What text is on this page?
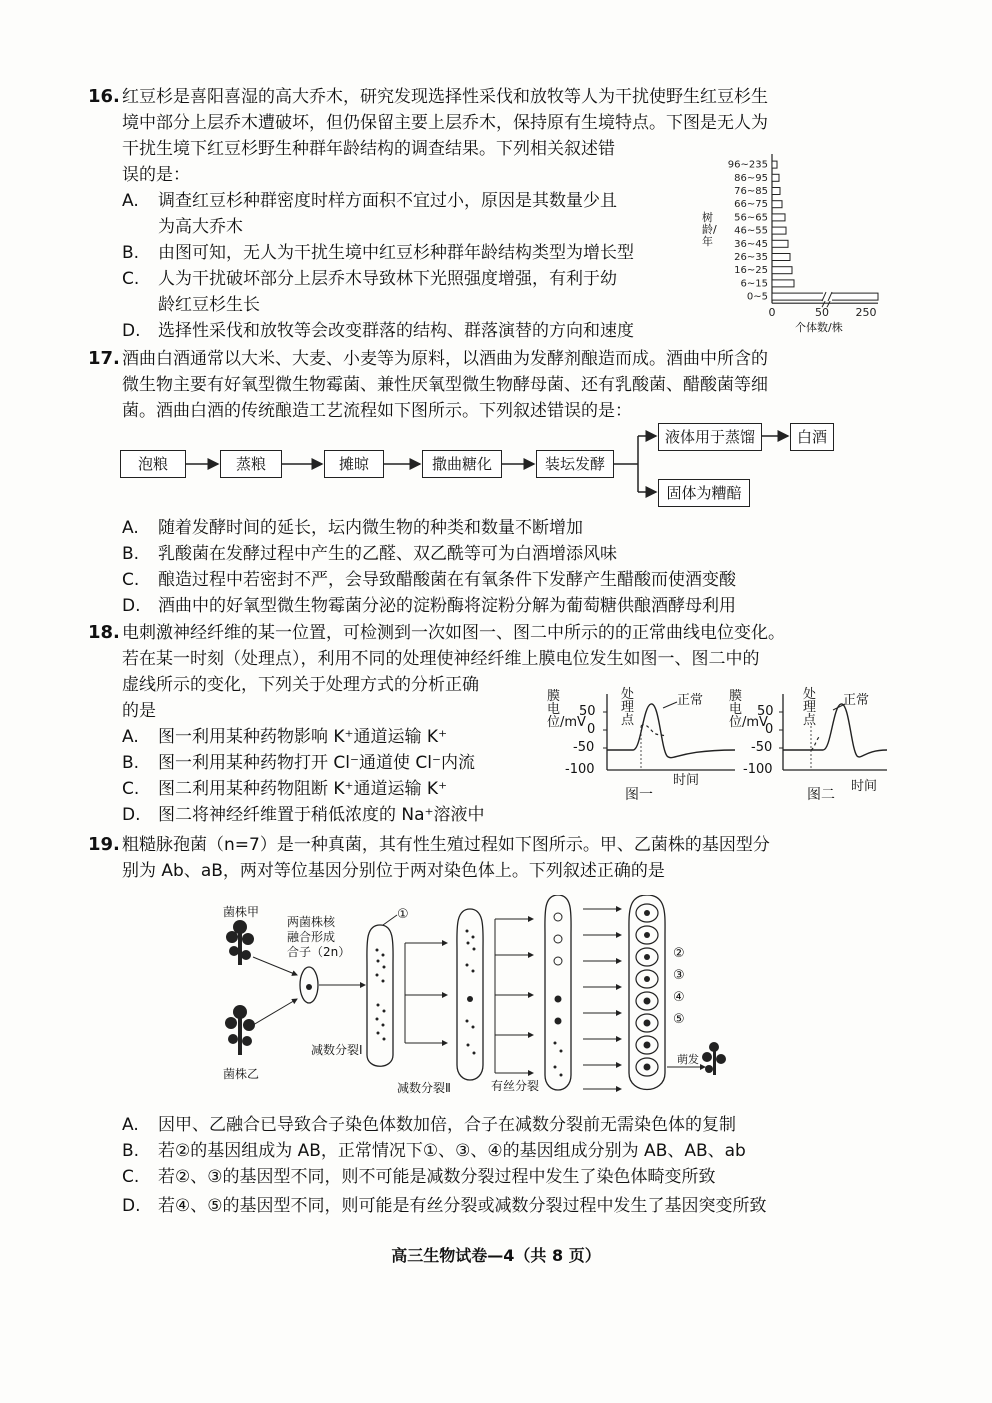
16. 红豆杉是喜阳喜湿的高大乔木，研究发现选择性采伐和放牧等人为干扰使野生红豆杉生
境中部分上层乔木遭破坏，但仍保留主要上层乔木，保持原有生境特点。下图是无人为
干扰生境下红豆杉野生种群年龄结构的调查结果。下列相关叙述错
误的是：
A. 调查红豆杉种群密度时样方面积不宜过小，原因是其数量少且
为高大乔木
B. 由图可知，无人为干扰生境中红豆杉种群年龄结构类型为增长型
C. 人为干扰破坏部分上层乔木导致林下光照强度增强，有利于幼
龄红豆杉生长
D. 选择性采伐和放牧等会改变群落的结构、群落演替的方向和速度
0~5
6~15
16~25
26~35
36~45
46~55
56~65
66~75
76~85
86~95
96~235
0	50 250
树龄/年
个体数/株
17. 酒曲白酒通常以大米、大麦、小麦等为原料，以酒曲为发酵剂酿造而成。酒曲中所含的
微生物主要有好氧型微生物霉菌、兼性厌氧型微生物酵母菌、还有乳酸菌、醋酸菌等细
菌。酒曲白酒的传统酿造工艺流程如下图所示。下列叙述错误的是：
泡粮	蒸粮	摊晾	撒曲糖化	装坛发酵
液体用于蒸馏	白酒
固体为糟醅
A. 随着发酵时间的延长，坛内微生物的种类和数量不断增加
B. 乳酸菌在发酵过程中产生的乙醛、双乙酰等可为白酒增添风味
C. 酿造过程中若密封不严，会导致醋酸菌在有氧条件下发酵产生醋酸而使酒变酸
D. 酒曲中的好氧型微生物霉菌分泌的淀粉酶将淀粉分解为葡萄糖供酿酒酵母利用
18. 电刺激神经纤维的某一位置，可检测到一次如图一、图二中所示的的正常曲线电位变化。
若在某一时刻（处理点），利用不同的处理使神经纤维上膜电位发生如图一、图二中的
虚线所示的变化，下列关于处理方式的分析正确
的是
A. 图一利用某种药物影响 K⁺通道运输 K⁺
B. 图一利用某种药物打开 Cl⁻通道使 Cl⁻内流
C. 图二利用某种药物阻断 K⁺通道运输 K⁺
D. 图二将神经纤维置于稍低浓度的 Na⁺溶液中
膜电位/mV
50
0
-50
-100
处理点
正常
时间
图一
膜电位/mV
50
0
-50
-100
处理点
正常
时间
图二
19. 粗糙脉孢菌（n=7）是一种真菌，其有性生殖过程如下图所示。甲、乙菌株的基因型分
别为 Ab、aB，两对等位基因分别位于两对染色体上。下列叙述正确的是
菌株甲
菌株乙
两菌株核
融合形成
合子（2n）
减数分裂Ⅰ
减数分裂Ⅱ	有丝分裂
萌发
①
②
③
④
⑤
A. 因甲、乙融合已导致合子染色体数加倍，合子在减数分裂前无需染色体的复制
B. 若②的基因组成为 AB，正常情况下①、③、④的基因组成分别为 AB、AB、ab
C. 若②、③的基因型不同，则不可能是减数分裂过程中发生了染色体畸变所致
D. 若④、⑤的基因型不同，则可能是有丝分裂或减数分裂过程中发生了基因突变所致
高三生物试卷—4（共 8 页）
